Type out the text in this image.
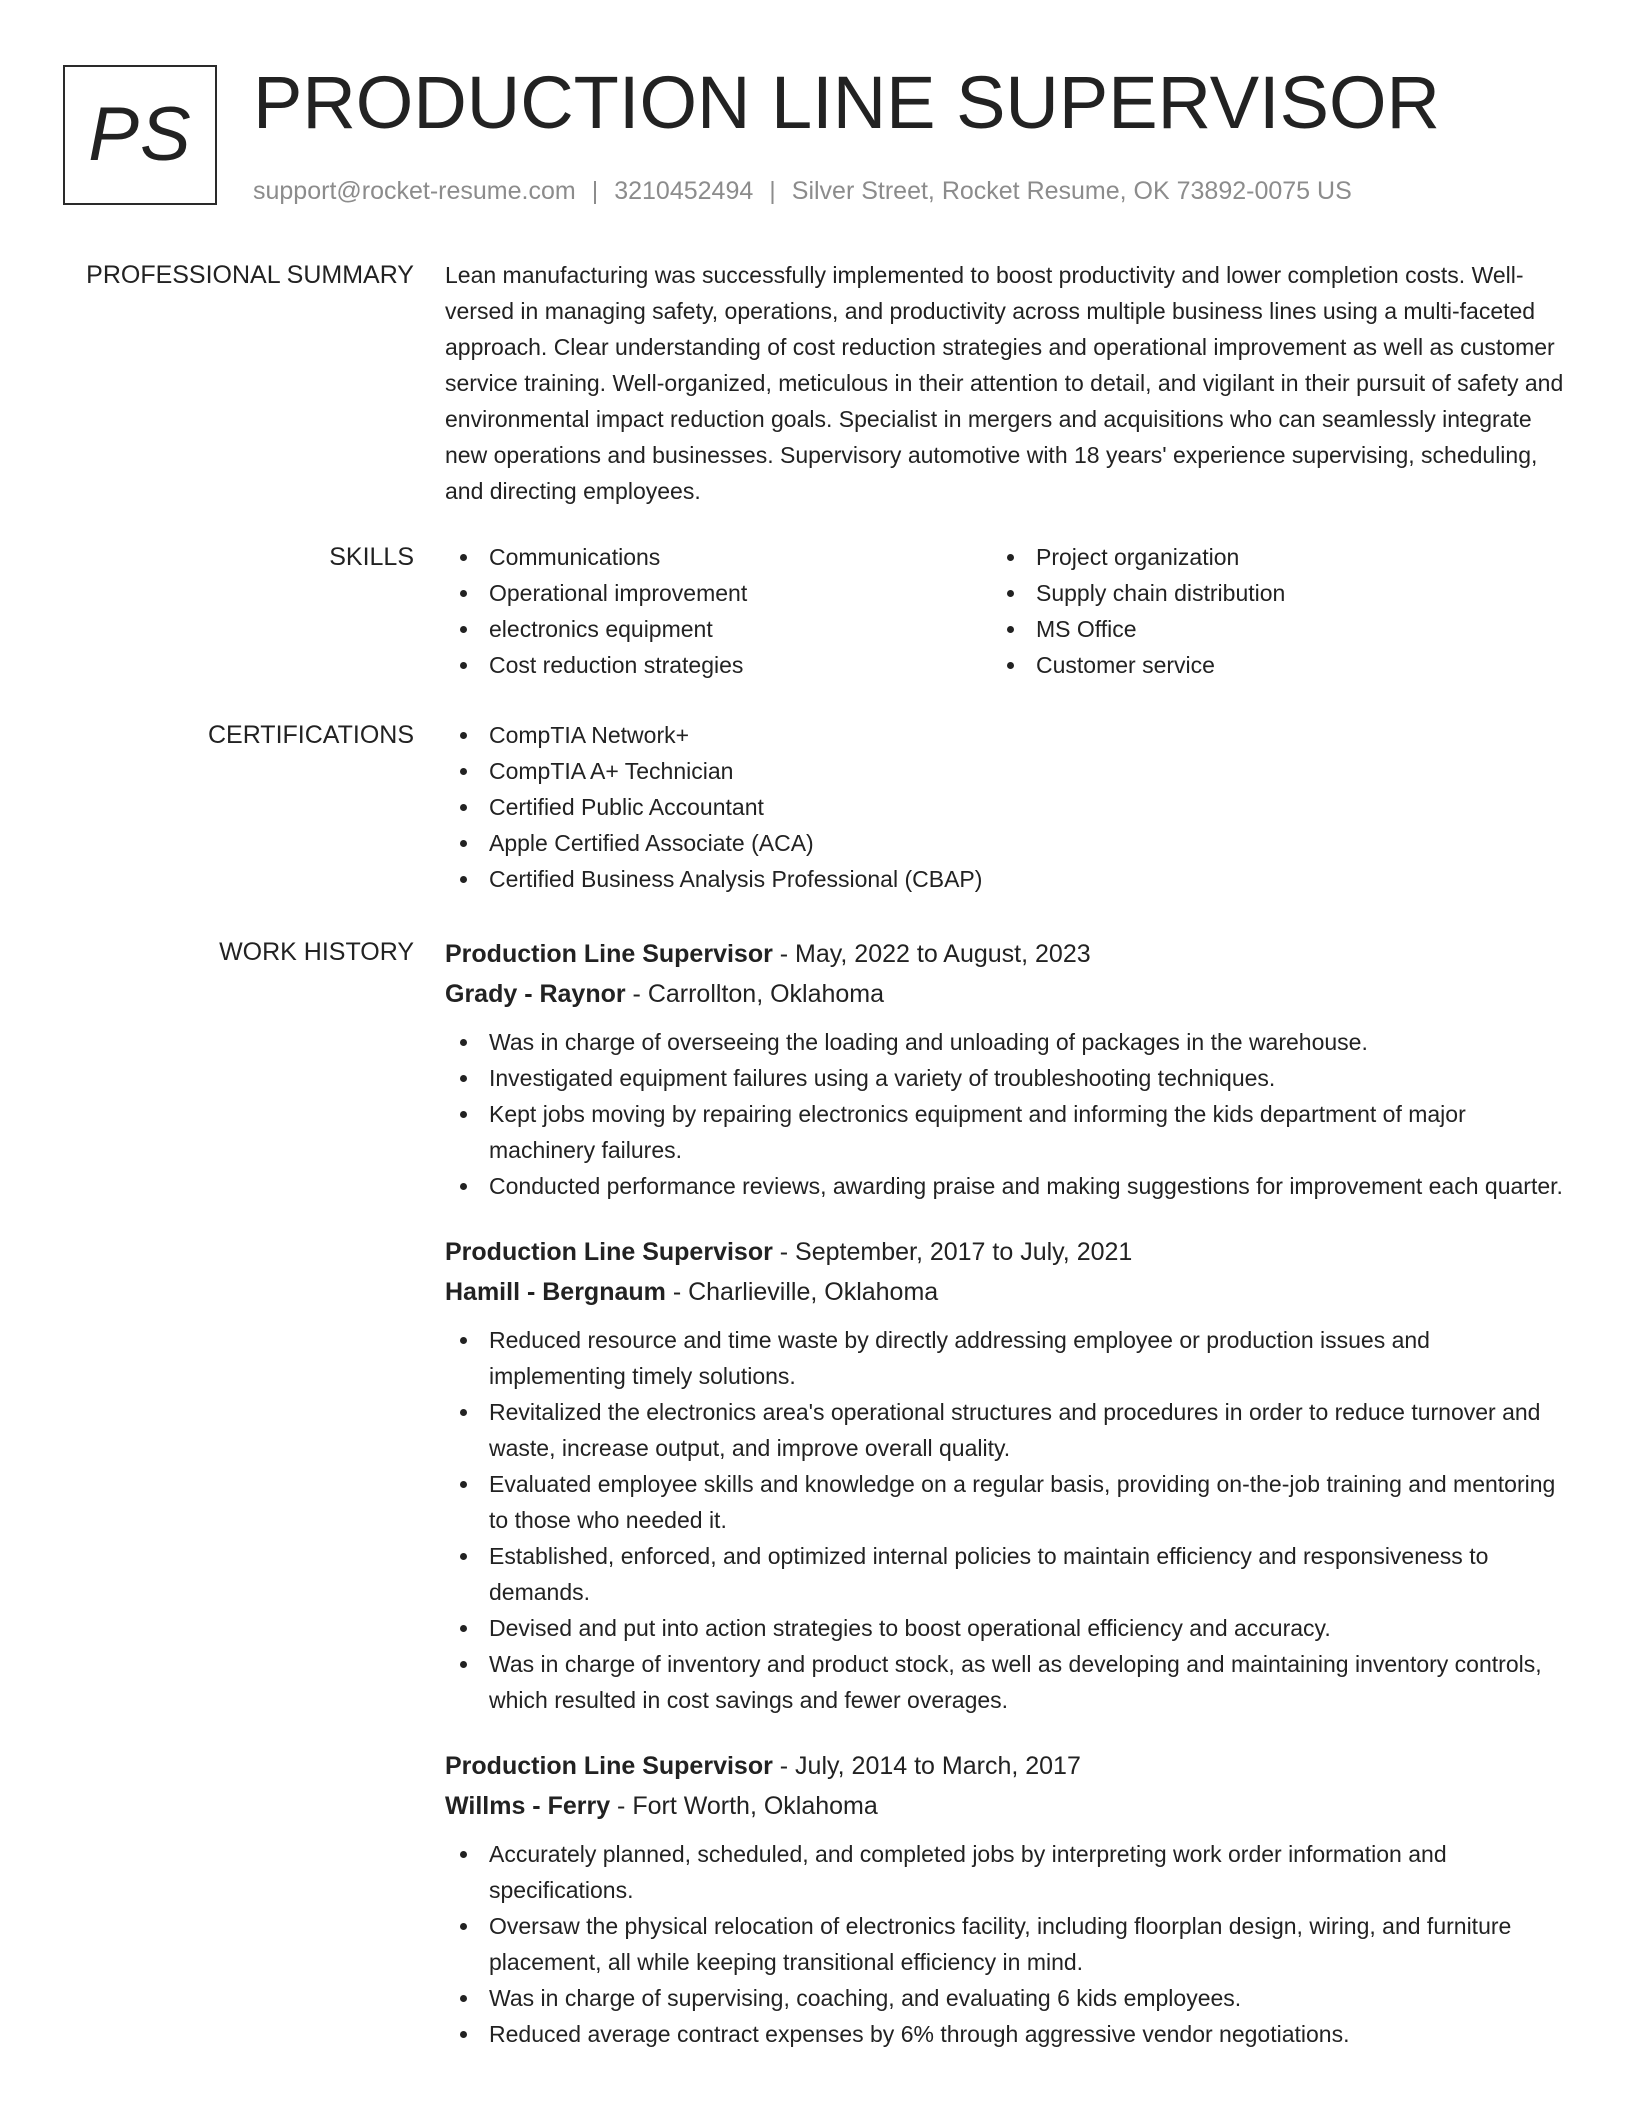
PS PRODUCTION LINE SUPERVISOR
support@rocket-resume.com | 3210452494 | Silver Street, Rocket Resume, OK 73892-0075 US
PROFESSIONAL SUMMARY Lean manufacturing was successfully implemented to boost productivity and lower completion costs. Well-versed in managing safety, operations, and productivity across multiple business lines using a multi-faceted approach. Clear understanding of cost reduction strategies and operational improvement as well as customer service training. Well-organized, meticulous in their attention to detail, and vigilant in their pursuit of safety and environmental impact reduction goals. Specialist in mergers and acquisitions who can seamlessly integrate new operations and businesses. Supervisory automotive with 18 years' experience supervising, scheduling, and directing employees.

SKILLS	Communications
Operational improvement
electronics equipment
Cost reduction strategies
Project organization
Supply chain distribution
MS Office
Customer service
CERTIFICATIONS	CompTIA Network+
CompTIA A+ Technician
Certified Public Accountant
Apple Certified Associate (ACA)
Certified Business Analysis Professional (CBAP)
WORK HISTORY Production Line Supervisor - May, 2022 to August, 2023
Grady - Raynor - Carrollton, Oklahoma
Was in charge of overseeing the loading and unloading of packages in the warehouse.
Investigated equipment failures using a variety of troubleshooting techniques.
Kept jobs moving by repairing electronics equipment and informing the kids department of major machinery failures.
Conducted performance reviews, awarding praise and making suggestions for improvement each quarter.
Production Line Supervisor - September, 2017 to July, 2021
Hamill - Bergnaum - Charlieville, Oklahoma
Reduced resource and time waste by directly addressing employee or production issues and implementing timely solutions.
Revitalized the electronics area's operational structures and procedures in order to reduce turnover and waste, increase output, and improve overall quality.
Evaluated employee skills and knowledge on a regular basis, providing on-the-job training and mentoring to those who needed it.
Established, enforced, and optimized internal policies to maintain efficiency and responsiveness to demands.
Devised and put into action strategies to boost operational efficiency and accuracy.
Was in charge of inventory and product stock, as well as developing and maintaining inventory controls, which resulted in cost savings and fewer overages.
Production Line Supervisor - July, 2014 to March, 2017
Willms - Ferry - Fort Worth, Oklahoma
Accurately planned, scheduled, and completed jobs by interpreting work order information and specifications.
Oversaw the physical relocation of electronics facility, including floorplan design, wiring, and furniture placement, all while keeping transitional efficiency in mind.
Was in charge of supervising, coaching, and evaluating 6 kids employees.
Reduced average contract expenses by 6% through aggressive vendor negotiations.
